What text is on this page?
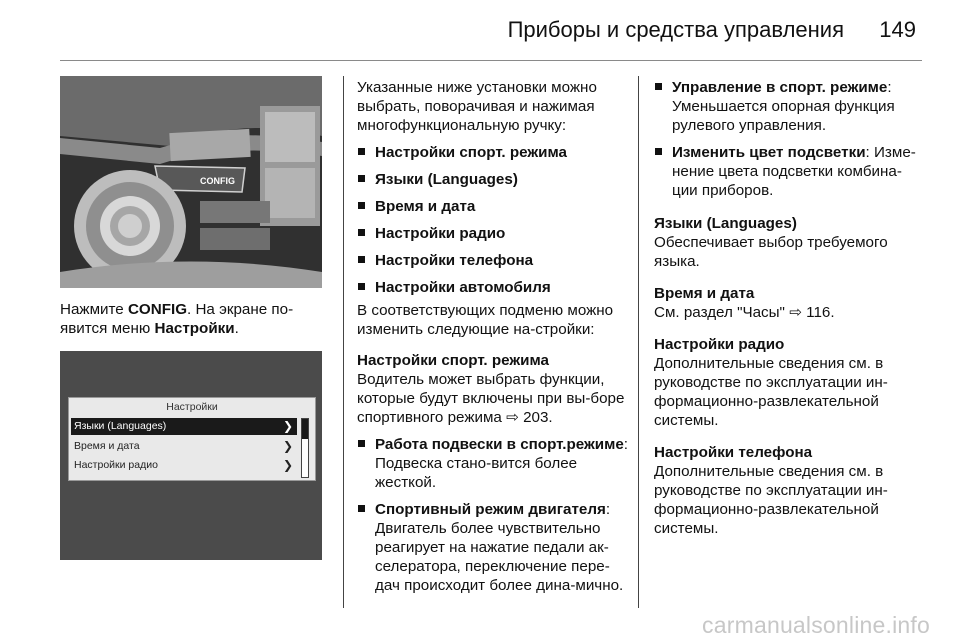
Приборы и средства управления 149
CONFIG

Нажмите CONFIG. На экране по-явится меню Настройки.

Настройки
Языки (Languages)	❯
Время и дата	❯
Настройки радио	❯

Указанные ниже установки можно выбрать, поворачивая и нажимая многофункциональную ручку:

Настройки спорт. режима
Языки (Languages)
Время и дата
Настройки радио
Настройки телефона
Настройки автомобиля

В соответствующих подменю можно изменить следующие на-стройки:

Настройки спорт. режима

Водитель может выбрать функции, которые будут включены при вы-боре спортивного режима ⇨ 203.

Работа подвески в спорт.режиме: Подвеска стано-вится более жесткой.
Спортивный режим двигателя: Двигатель более чувствительно реагирует на нажатие педали ак-селератора, переключение пере-дач происходит более дина-мично.
Управление в спорт. режиме: Уменьшается опорная функция рулевого управления.
Изменить цвет подсветки: Изме-нение цвета подсветки комбина-ции приборов.
Языки (Languages)
Обеспечивает выбор требуемого языка.
Время и дата
См. раздел "Часы" ⇨ 116.
Настройки радио
Дополнительные сведения см. в руководстве по эксплуатации ин-формационно-развлекательной системы.
Настройки телефона
Дополнительные сведения см. в руководстве по эксплуатации ин-формационно-развлекательной системы.
carmanualsonline.info
